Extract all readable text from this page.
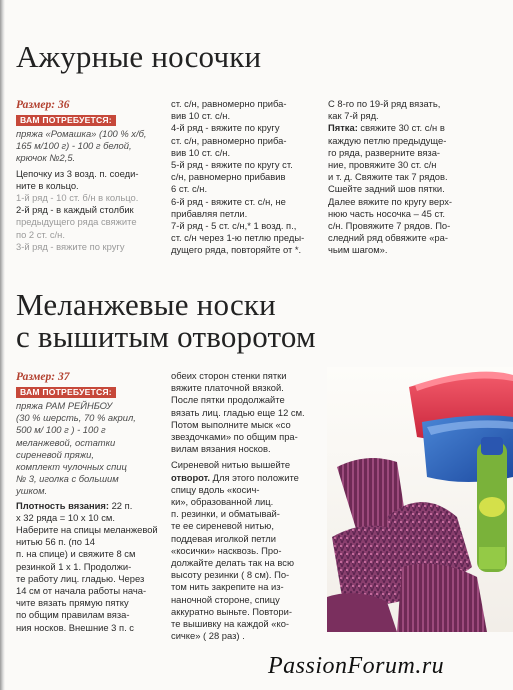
Ажурные носочки

Размер: 36

ВАМ ПОТРЕБУЕТСЯ:

пряжа «Ромашка» (100 % х/б, 165 м/100 г) - 100 г белой, крючок №2,5.

Цепочку из 3 возд. п. соеди-
ните в кольцо.
1-й ряд - 10 ст. б/н в кольцо.
2-й ряд - в каждый столбик
предыдущего ряда свяжите
по 2 ст. с/н.
3-й ряд - вяжите по кругу
ст. с/н, равномерно приба-
вив 10 ст. с/н.
4-й ряд - вяжите по кругу
ст. с/н, равномерно приба-
вив 10 ст. с/н.
5-й ряд - вяжите по кругу ст.
с/н, равномерно прибавив
6 ст. с/н.
6-й ряд - вяжите ст. с/н, не
прибавляя петли.
7-й ряд - 5 ст. с/н,* 1 возд. п.,
ст. с/н через 1-ю петлю преды-
дущего ряда, повторяйте от *.
С 8-го по 19-й ряд вязать,
как 7-й ряд.

Пятка: свяжите 30 ст. с/н в
каждую петлю предыдуще-
го ряда, разверните вяза-
ние, провяжите 30 ст. с/н
и т. д. Свяжите так 7 рядов.
Сшейте задний шов пятки.
Далее вяжите по кругу верх-
нюю часть носочка – 45 ст.
с/н. Провяжите 7 рядов. По-
следний ряд обвяжите «ра-
чьим шагом».

Меланжевые носки
с вышитым отворотом

Размер: 37

ВАМ ПОТРЕБУЕТСЯ:
пряжа РАМ РЕЙНБОУ
(30 % шерсть, 70 % акрил,
500 м/ 100 г ) - 100 г
меланжевой, остатки
сиреневой пряжи,
комплект чулочных спиц
№ 3, иголка с большим
ушком.

Плотность вязания: 22 п.
х 32 ряда = 10 х 10 см.

Наберите на спицы меланжевой нитью 56 п. (по 14
п. на спице) и свяжите 8 см
резинкой 1 х 1. Продолжи-
те работу лиц. гладью. Через
14 см от начала работы нача-
чите вязать прямую пятку
по общим правилам вяза-
ния носков. Внешние 3 п. с
обеих сторон стенки пятки
вяжите платочной вязкой.
После пятки продолжайте
вязать лиц. гладью еще 12 см.
Потом выполните мыск «со
звездочками» по общим пра-
вилам вязания носков.

Сиреневой нитью вышейте

отворот. Для этого положите спицу вдоль «косич-
ки», образованной лиц.
п. резинки, и обматывай-
те ее сиреневой нитью,
поддевая иголкой петли
«косички» насквозь. Про-
должайте делать так на всю
высоту резинки ( 8 см). По-
том нить закрепите на из-
наночной стороне, спицу
аккуратно выньте. Повтори-
те вышивку на каждой «ко-
сичке» ( 28 раз) .

PassionForum.ru
